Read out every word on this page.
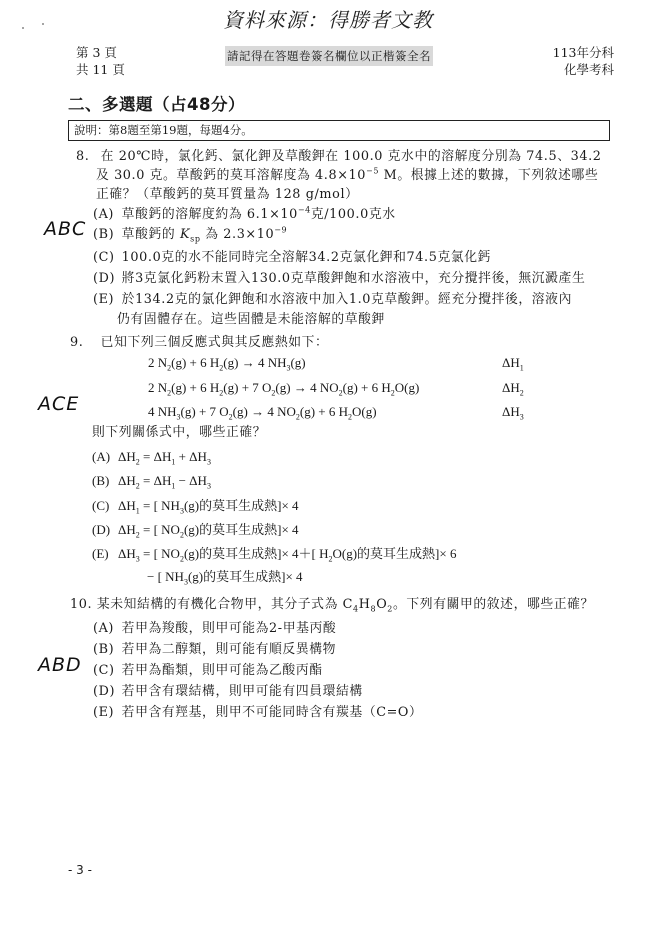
資料來源：得勝者文教
第 3 頁
共 11 頁
請記得在答題卷簽名欄位以正楷簽全名	113年分科
化學考科
二、多選題（占48分）
說明：第8題至第19題，每題4分。
8. 在 20℃時，氯化鈣、氯化鉀及草酸鉀在 100.0 克水中的溶解度分別為 74.5、34.2
及 30.0 克。草酸鈣的莫耳溶解度為 $4.8\times 10^{-5}$ M。根據上述的數據，下列敘述哪些
正確？（草酸鈣的莫耳質量為 128 g/mol）
ABC
(A) 草酸鈣的溶解度約為 $6.1\times 10^{-4}$克/100.0克水
(B) 草酸鈣的 $K_{sp}$ 為 $2.3\times 10^{-9}$
(C) 100.0克的水不能同時完全溶解34.2克氯化鉀和74.5克氯化鈣
(D) 將3克氯化鈣粉末置入130.0克草酸鉀飽和水溶液中，充分攪拌後，無沉澱產生
(E) 於134.2克的氯化鉀飽和水溶液中加入1.0克草酸鉀。經充分攪拌後，溶液內
仍有固體存在。這些固體是未能溶解的草酸鉀
9. 已知下列三個反應式與其反應熱如下：
2 $N_2(g) + 6$ $H_2(g) \to 4$ $NH_3(g)$	$\Delta H_1$
2 $N_2(g) + 6$ $H_2(g) + 7$ $O_2(g) \to 4$ $NO_2(g) + 6$ $H_2O(g)$	$\Delta H_2$
ACE	4 $NH_3(g) + 7$ $O_2(g) \to 4$ $NO_2(g) + 6$ $H_2O(g)$	$\Delta H_3$
則下列關係式中，哪些正確？
(A) $\Delta H_2 = \Delta H_1 + \Delta H_3$
(B) $\Delta H_2 = \Delta H_1 - \Delta H_3$
(C) $\Delta H_1$ = [ $NH_3(g)$的莫耳生成熱]× 4
(D) $\Delta H_2$ = [ $NO_2(g)$的莫耳生成熱]× 4
(E) $\Delta H_3$ = [ $NO_2(g)$的莫耳生成熱]× 4＋[ $H_2O(g)$的莫耳生成熱]× 6
− [ $NH_3(g)$的莫耳生成熱]× 4
10. 某未知結構的有機化合物甲，其分子式為 $C_4H_8O_2$。下列有關甲的敘述，哪些正確？
(A) 若甲為羧酸，則甲可能為2-甲基丙酸
(B) 若甲為二醇類，則可能有順反異構物
ABD (C) 若甲為酯類，則甲可能為乙酸丙酯
(D) 若甲含有環結構，則甲可能有四員環結構
(E) 若甲含有羥基，則甲不可能同時含有羰基（C=O）
- 3 -
